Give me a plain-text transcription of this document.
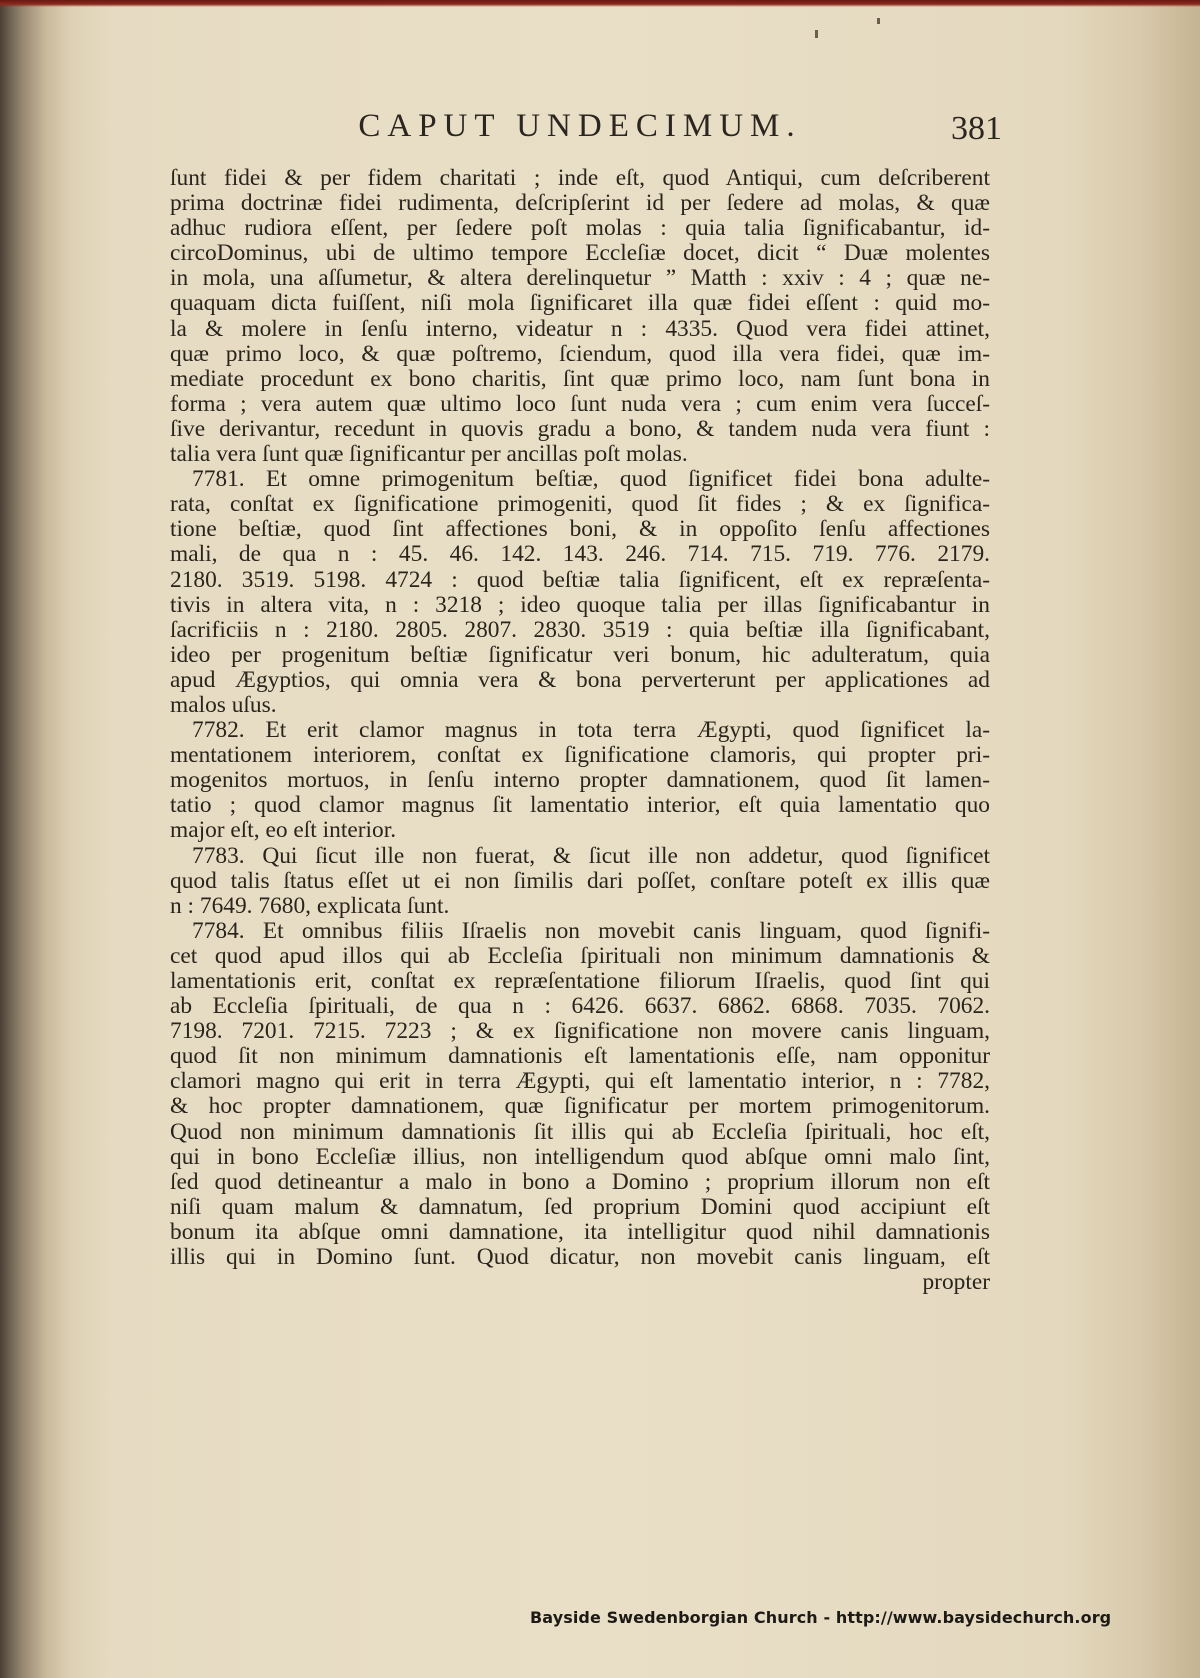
CAPUT UNDECIMUM.	381
ſunt fidei & per fidem charitati ; inde eſt, quod Antiqui, cum deſcriberent
prima doctrinæ fidei rudimenta, deſcripſerint id per ſedere ad molas, & quæ
adhuc rudiora eſſent, per ſedere poſt molas : quia talia ſignificabantur, id-
circoDominus, ubi de ultimo tempore Eccleſiæ docet, dicit “ Duæ molentes
in mola, una aſſumetur, & altera derelinquetur ” Matth : xxiv : 4 ; quæ ne-
quaquam dicta fuiſſent, niſi mola ſignificaret illa quæ fidei eſſent : quid mo-
la & molere in ſenſu interno, videatur n : 4335. Quod vera fidei attinet,
quæ primo loco, & quæ poſtremo, ſciendum, quod illa vera fidei, quæ im-
mediate procedunt ex bono charitis, ſint quæ primo loco, nam ſunt bona in
forma ; vera autem quæ ultimo loco ſunt nuda vera ; cum enim vera ſucceſ-
ſive derivantur, recedunt in quovis gradu a bono, & tandem nuda vera fiunt :
talia vera ſunt quæ ſignificantur per ancillas poſt molas.
7781. Et omne primogenitum beſtiæ, quod ſignificet fidei bona adulte-
rata, conſtat ex ſignificatione primogeniti, quod ſit fides ; & ex ſignifica-
tione beſtiæ, quod ſint affectiones boni, & in oppoſito ſenſu affectiones
mali, de qua n : 45. 46. 142. 143. 246. 714. 715. 719. 776. 2179.
2180. 3519. 5198. 4724 : quod beſtiæ talia ſignificent, eſt ex repræſenta-
tivis in altera vita, n : 3218 ; ideo quoque talia per illas ſignificabantur in
ſacrificiis n : 2180. 2805. 2807. 2830. 3519 : quia beſtiæ illa ſignificabant,
ideo per progenitum beſtiæ ſignificatur veri bonum, hic adulteratum, quia
apud Ægyptios, qui omnia vera & bona perverterunt per applicationes ad
malos uſus.
7782. Et erit clamor magnus in tota terra Ægypti, quod ſignificet la-
mentationem interiorem, conſtat ex ſignificatione clamoris, qui propter pri-
mogenitos mortuos, in ſenſu interno propter damnationem, quod ſit lamen-
tatio ; quod clamor magnus ſit lamentatio interior, eſt quia lamentatio quo
major eſt, eo eſt interior.
7783. Qui ſicut ille non fuerat, & ſicut ille non addetur, quod ſignificet
quod talis ſtatus eſſet ut ei non ſimilis dari poſſet, conſtare poteſt ex illis quæ
n : 7649. 7680, explicata ſunt.
7784. Et omnibus filiis Iſraelis non movebit canis linguam, quod ſignifi-
cet quod apud illos qui ab Eccleſia ſpirituali non minimum damnationis &
lamentationis erit, conſtat ex repræſentatione filiorum Iſraelis, quod ſint qui
ab Eccleſia ſpirituali, de qua n : 6426. 6637. 6862. 6868. 7035. 7062.
7198. 7201. 7215. 7223 ; & ex ſignificatione non movere canis linguam,
quod ſit non minimum damnationis eſt lamentationis eſſe, nam opponitur
clamori magno qui erit in terra Ægypti, qui eſt lamentatio interior, n : 7782,
& hoc propter damnationem, quæ ſignificatur per mortem primogenitorum.
Quod non minimum damnationis ſit illis qui ab Eccleſia ſpirituali, hoc eſt,
qui in bono Eccleſiæ illius, non intelligendum quod abſque omni malo ſint,
ſed quod detineantur a malo in bono a Domino ; proprium illorum non eſt
niſi quam malum & damnatum, ſed proprium Domini quod accipiunt eſt
bonum ita abſque omni damnatione, ita intelligitur quod nihil damnationis
illis qui in Domino ſunt. Quod dicatur, non movebit canis linguam, eſt
propter
Bayside Swedenborgian Church - http://www.baysidechurch.org
